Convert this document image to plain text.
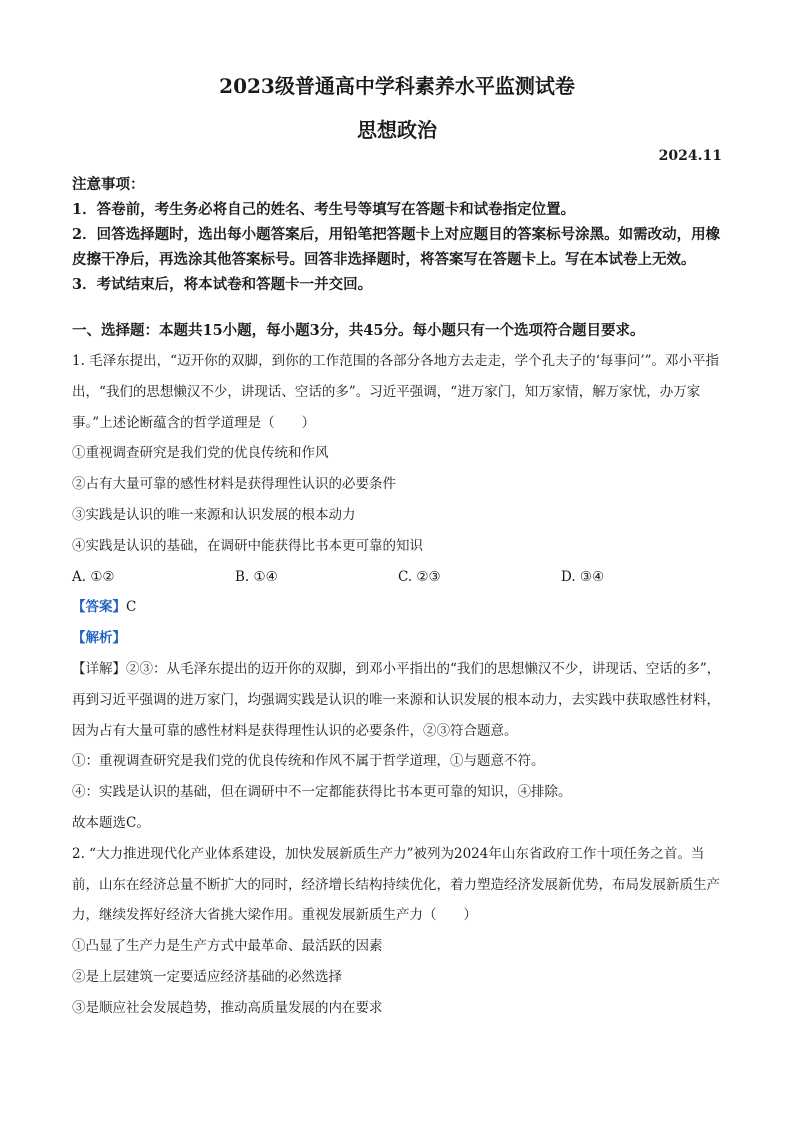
2023级普通高中学科素养水平监测试卷
思想政治
2024.11
注意事项：
1．答卷前，考生务必将自己的姓名、考生号等填写在答题卡和试卷指定位置。
2．回答选择题时，选出每小题答案后，用铅笔把答题卡上对应题目的答案标号涂黑。如需改动，用橡皮擦干净后，再选涂其他答案标号。回答非选择题时，将答案写在答题卡上。写在本试卷上无效。
3．考试结束后，将本试卷和答题卡一并交回。
一、选择题：本题共15小题，每小题3分，共45分。每小题只有一个选项符合题目要求。

1. 毛泽东提出，“迈开你的双脚，到你的工作范围的各部分各地方去走走，学个孔夫子的‘每事问’”。邓小平指出，“我们的思想懒汉不少，讲现话、空话的多”。习近平强调，“进万家门，知万家情，解万家忧，办万家事。”上述论断蕴含的哲学道理是（　　）

①重视调查研究是我们党的优良传统和作风

②占有大量可靠的感性材料是获得理性认识的必要条件

③实践是认识的唯一来源和认识发展的根本动力

④实践是认识的基础，在调研中能获得比书本更可靠的知识

A. ①②	B. ①④	C. ②③	D. ③④

【答案】C

【解析】

【详解】②③：从毛泽东提出的迈开你的双脚，到邓小平指出的“我们的思想懒汉不少，讲现话、空话的多”，再到习近平强调的进万家门，均强调实践是认识的唯一来源和认识发展的根本动力，去实践中获取感性材料，因为占有大量可靠的感性材料是获得理性认识的必要条件，②③符合题意。

①：重视调查研究是我们党的优良传统和作风不属于哲学道理，①与题意不符。

④：实践是认识的基础，但在调研中不一定都能获得比书本更可靠的知识，④排除。

故本题选C。

2. “大力推进现代化产业体系建设，加快发展新质生产力”被列为2024年山东省政府工作十项任务之首。当前，山东在经济总量不断扩大的同时，经济增长结构持续优化，着力塑造经济发展新优势，布局发展新质生产力，继续发挥好经济大省挑大梁作用。重视发展新质生产力（　　）

①凸显了生产力是生产方式中最革命、最活跃的因素

②是上层建筑一定要适应经济基础的必然选择

③是顺应社会发展趋势，推动高质量发展的内在要求
